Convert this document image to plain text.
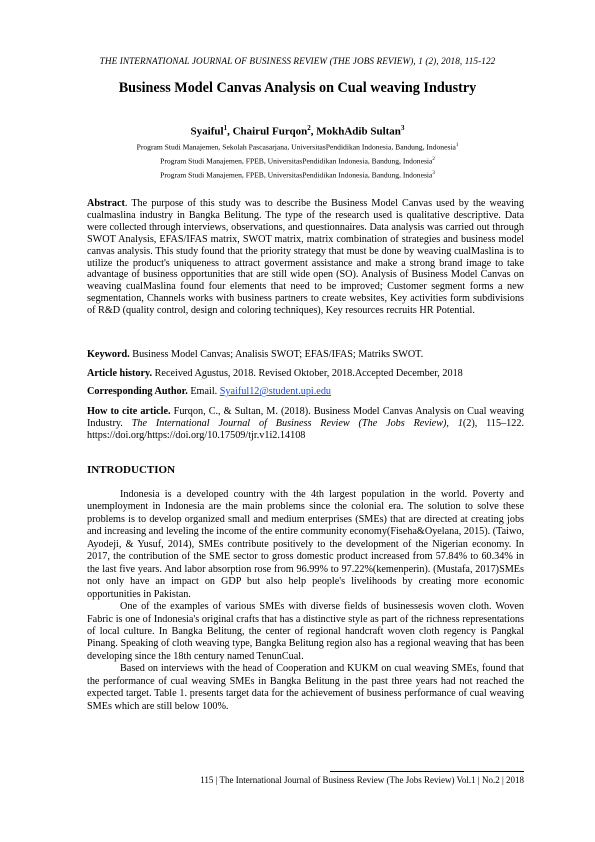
THE INTERNATIONAL JOURNAL OF BUSINESS REVIEW (THE JOBS REVIEW), 1 (2), 2018, 115-122
Business Model Canvas Analysis on Cual weaving Industry
Syaiful$^1$, Chairul Furqon$^2$, MokhAdib Sultan$^3$
Program Studi Manajemen, Sekolah Pascasarjana, UniversitasPendidikan Indonesia, Bandung, Indonesia$^1$
Program Studi Manajemen, FPEB, UniversitasPendidikan Indonesia, Bandung, Indonesia$^2$
Program Studi Manajemen, FPEB, UniversitasPendidikan Indonesia, Bandung, Indonesia$^3$
Abstract. The purpose of this study was to describe the Business Model Canvas used by the weaving cualmaslina industry in Bangka Belitung. The type of the research used is qualitative descriptive. Data were collected through interviews, observations, and questionnaires. Data analysis was carried out through SWOT Analysis, EFAS/IFAS matrix, SWOT matrix, matrix combination of strategies and business model canvas analysis. This study found that the priority strategy that must be done by weaving cualMaslina is to utilize the product's uniqueness to attract goverment assistance and make a strong brand image to take advantage of business opportunities that are still wide open (SO). Analysis of Business Model Canvas on weaving cualMaslina found four elements that need to be improved; Customer segment forms a new segmentation, Channels works with business partners to create websites, Key activities form subdivisions of R&D (quality control, design and coloring techniques), Key resources recruits HR Potential.
Keyword. Business Model Canvas; Analisis SWOT; EFAS/IFAS; Matriks SWOT.
Article history. Received Agustus, 2018. Revised Oktober, 2018.Accepted December, 2018
Corresponding Author. Email. Syaiful12@student.upi.edu
How to cite article. Furqon, C., & Sultan, M. (2018). Business Model Canvas Analysis on Cual weaving Industry. The International Journal of Business Review (The Jobs Review), 1(2), 115–122. https://doi.org/https://doi.org/10.17509/tjr.v1i2.14108
INTRODUCTION

Indonesia is a developed country with the 4th largest population in the world. Poverty and unemployment in Indonesia are the main problems since the colonial era. The solution to solve these problems is to develop organized small and medium enterprises (SMEs) that are directed at creating jobs and increasing and leveling the income of the entire community economy(Fiseha&Oyelana, 2015). (Taiwo, Ayodeji, & Yusuf, 2014), SMEs contribute positively to the development of the Nigerian economy. In 2017, the contribution of the SME sector to gross domestic product increased from 57.84% to 60.34% in the last five years. And labor absorption rose from 96.99% to 97.22%(kemenperin). (Mustafa, 2017)SMEs not only have an impact on GDP but also help people's livelihoods by creating more economic opportunities in Pakistan.

One of the examples of various SMEs with diverse fields of businessesis woven cloth. Woven Fabric is one of Indonesia's original crafts that has a distinctive style as part of the richness representations of local culture. In Bangka Belitung, the center of regional handcraft woven cloth regency is Pangkal Pinang. Speaking of cloth weaving type, Bangka Belitung region also has a regional weaving that has been developing since the 18th century named TenunCual.

Based on interviews with the head of Cooperation and KUKM on cual weaving SMEs, found that the performance of cual weaving SMEs in Bangka Belitung in the past three years had not reached the expected target. Table 1. presents target data for the achievement of business performance of cual weaving SMEs which are still below 100%.

115 | The International Journal of Business Review (The Jobs Review) Vol.1 | No.2 | 2018
